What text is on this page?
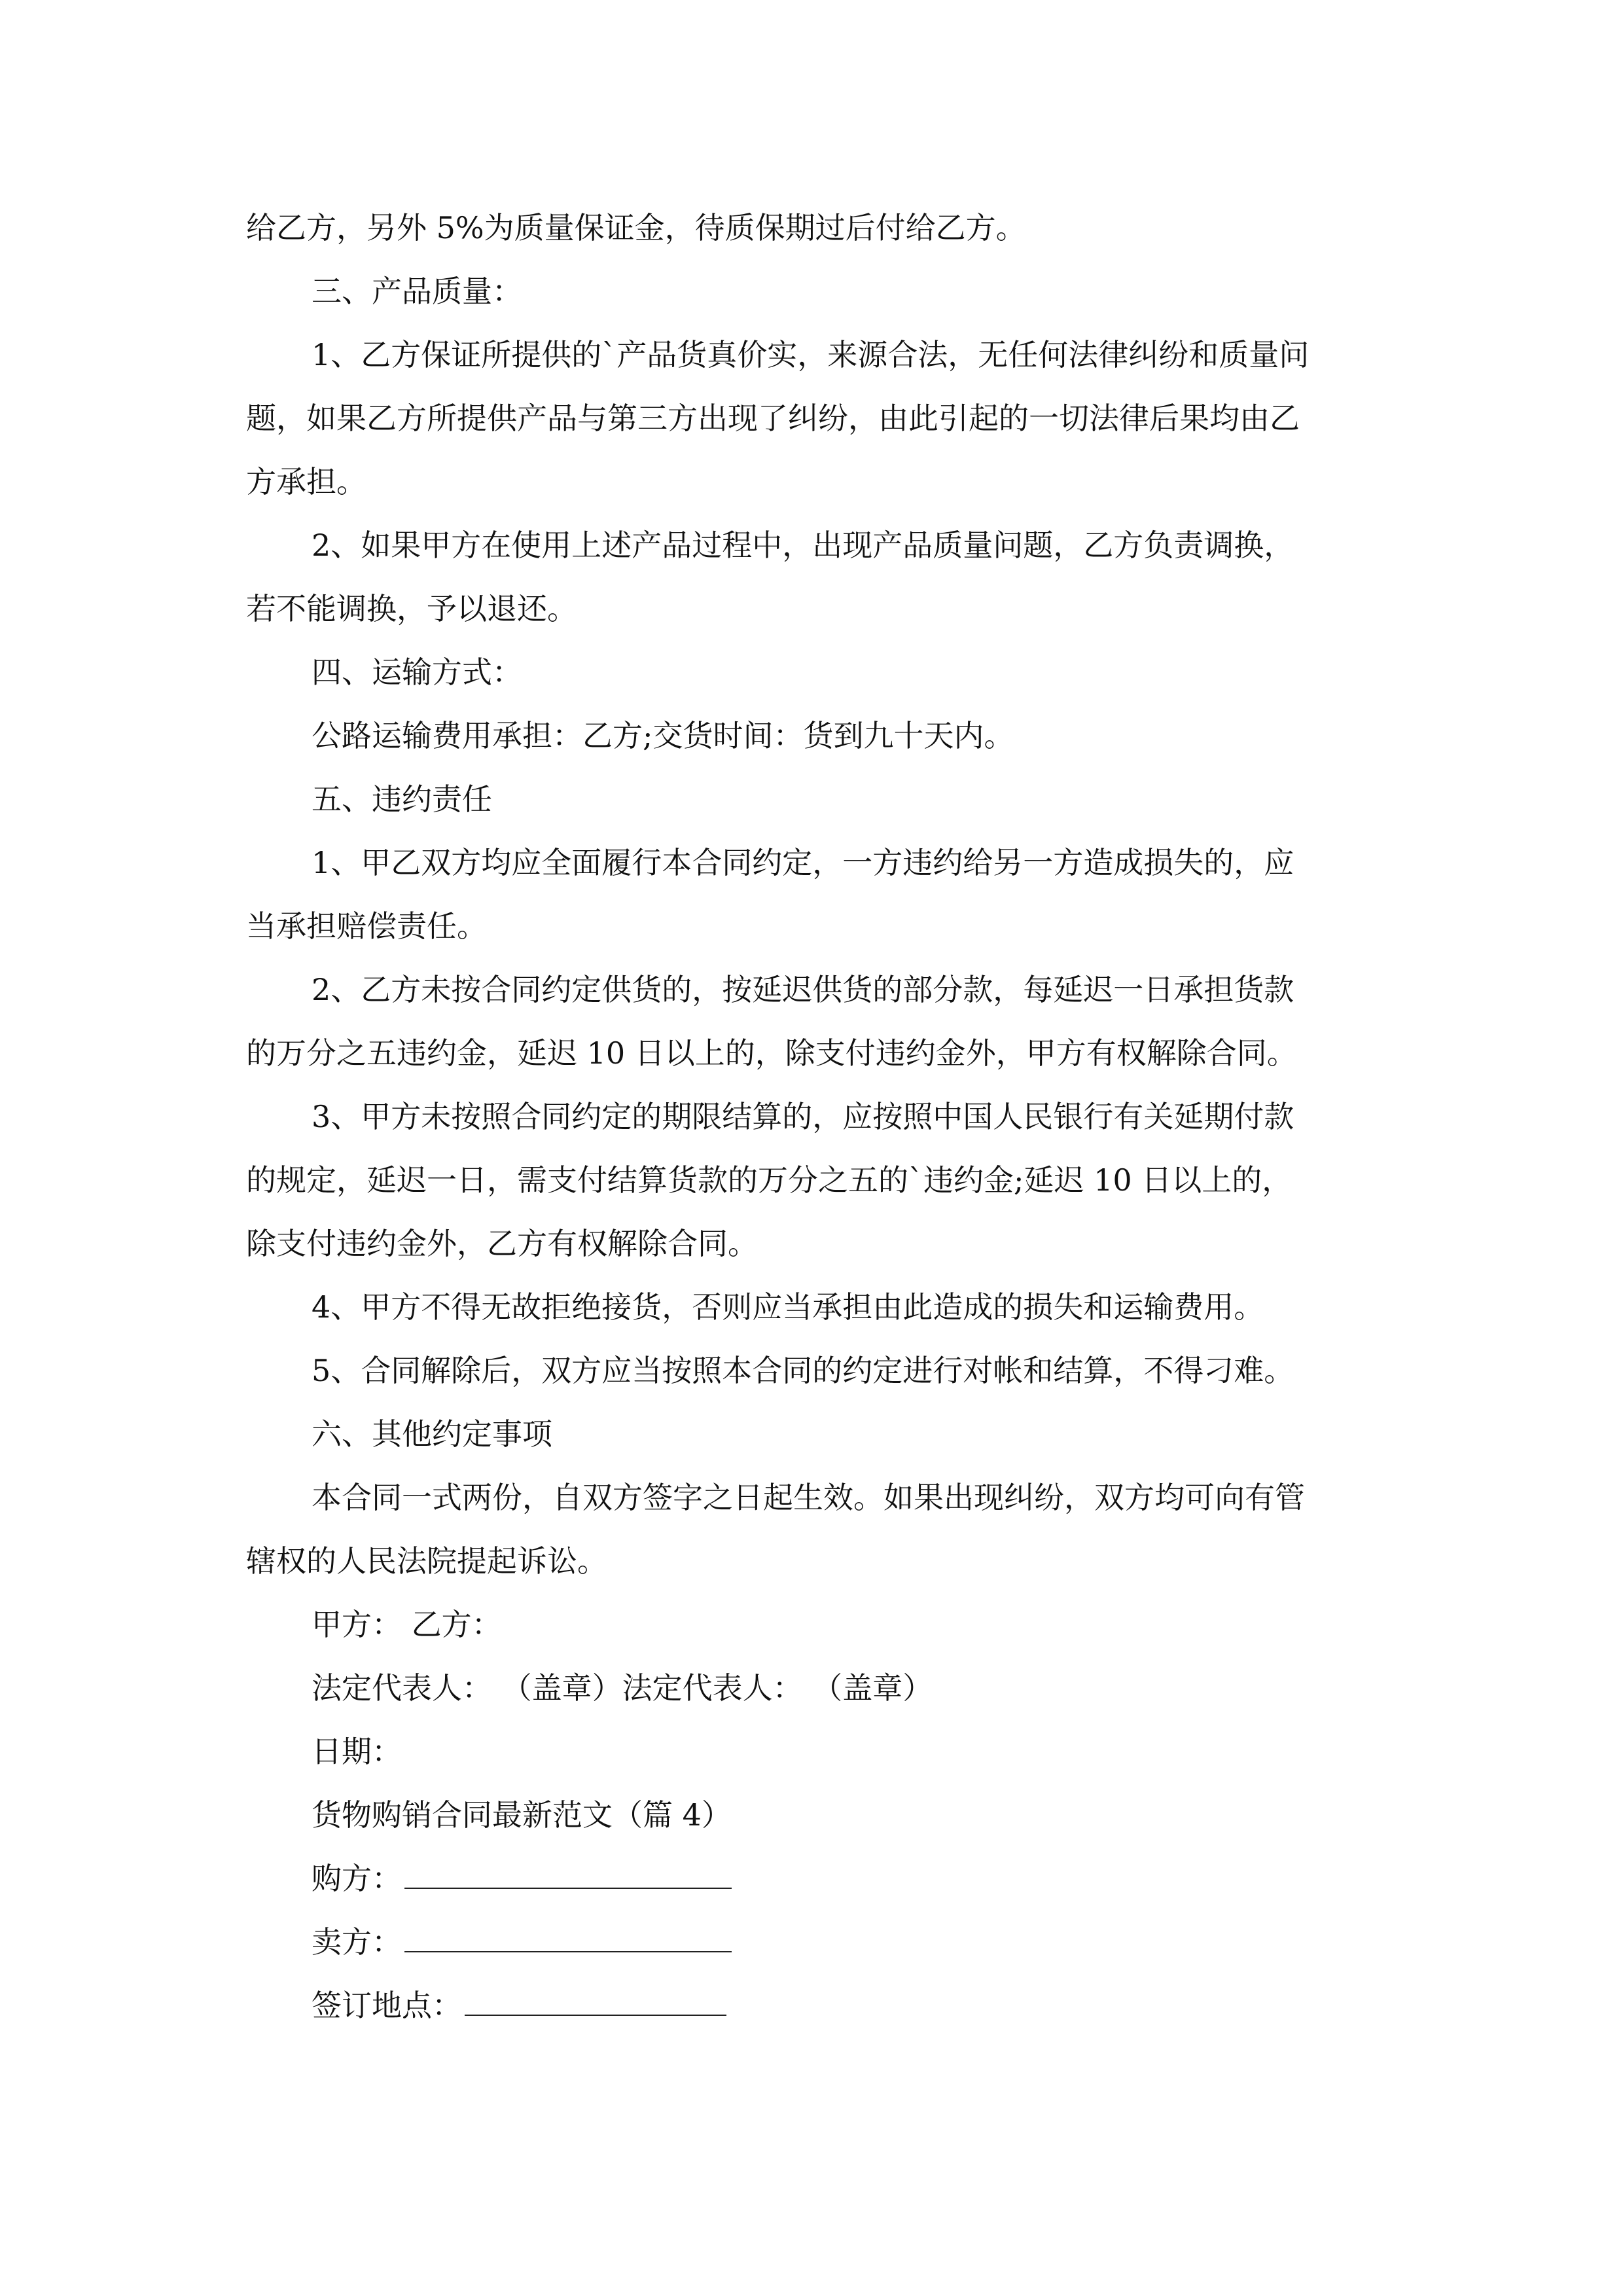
给乙方，另外 5%为质量保证金，待质保期过后付给乙方。
三、产品质量：
1、乙方保证所提供的`产品货真价实，来源合法，无任何法律纠纷和质量问
题，如果乙方所提供产品与第三方出现了纠纷，由此引起的一切法律后果均由乙
方承担。
2、如果甲方在使用上述产品过程中，出现产品质量问题，乙方负责调换，
若不能调换，予以退还。
四、运输方式：
公路运输费用承担：乙方;交货时间：货到九十天内。
五、违约责任
1、甲乙双方均应全面履行本合同约定，一方违约给另一方造成损失的，应
当承担赔偿责任。
2、乙方未按合同约定供货的，按延迟供货的部分款，每延迟一日承担货款
的万分之五违约金，延迟 10 日以上的，除支付违约金外，甲方有权解除合同。
3、甲方未按照合同约定的期限结算的，应按照中国人民银行有关延期付款
的规定，延迟一日，需支付结算货款的万分之五的`违约金;延迟 10 日以上的，
除支付违约金外，乙方有权解除合同。
4、甲方不得无故拒绝接货，否则应当承担由此造成的损失和运输费用。
5、合同解除后，双方应当按照本合同的约定进行对帐和结算，不得刁难。
六、其他约定事项
本合同一式两份，自双方签字之日起生效。如果出现纠纷，双方均可向有管
辖权的人民法院提起诉讼。
甲方： 乙方：
法定代表人： （盖章）法定代表人： （盖章）
日期：
货物购销合同最新范文（篇 4）
购方：
卖方：
签订地点：
